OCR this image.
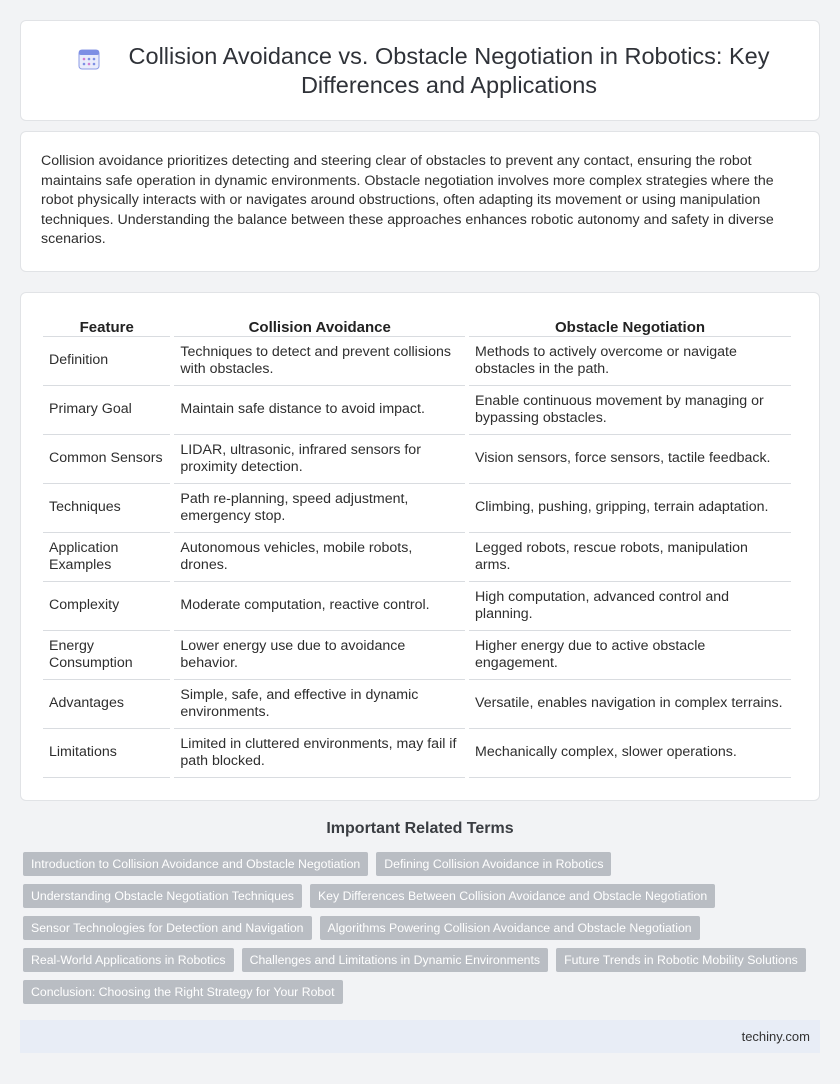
Collision Avoidance vs. Obstacle Negotiation in Robotics: Key Differences and Applications

Collision avoidance prioritizes detecting and steering clear of obstacles to prevent any contact, ensuring the robot maintains safe operation in dynamic environments. Obstacle negotiation involves more complex strategies where the robot physically interacts with or navigates around obstructions, often adapting its movement or using manipulation techniques. Understanding the balance between these approaches enhances robotic autonomy and safety in diverse scenarios.

Feature	Collision Avoidance	Obstacle Negotiation
Definition	Techniques to detect and prevent collisions with obstacles.	Methods to actively overcome or navigate obstacles in the path.
Primary Goal	Maintain safe distance to avoid impact.	Enable continuous movement by managing or bypassing obstacles.
Common Sensors	LIDAR, ultrasonic, infrared sensors for proximity detection.	Vision sensors, force sensors, tactile feedback.
Techniques	Path re-planning, speed adjustment, emergency stop.	Climbing, pushing, gripping, terrain adaptation.
Application Examples	Autonomous vehicles, mobile robots, drones.	Legged robots, rescue robots, manipulation arms.
Complexity	Moderate computation, reactive control.	High computation, advanced control and planning.
Energy Consumption	Lower energy use due to avoidance behavior.	Higher energy due to active obstacle engagement.
Advantages	Simple, safe, and effective in dynamic environments.	Versatile, enables navigation in complex terrains.
Limitations	Limited in cluttered environments, may fail if path blocked.	Mechanically complex, slower operations.
Important Related Terms
Introduction to Collision Avoidance and Obstacle Negotiation	Defining Collision Avoidance in Robotics
Understanding Obstacle Negotiation Techniques	Key Differences Between Collision Avoidance and Obstacle Negotiation
Sensor Technologies for Detection and Navigation	Algorithms Powering Collision Avoidance and Obstacle Negotiation
Real-World Applications in Robotics	Challenges and Limitations in Dynamic Environments	Future Trends in Robotic Mobility Solutions
Conclusion: Choosing the Right Strategy for Your Robot
techiny.com
